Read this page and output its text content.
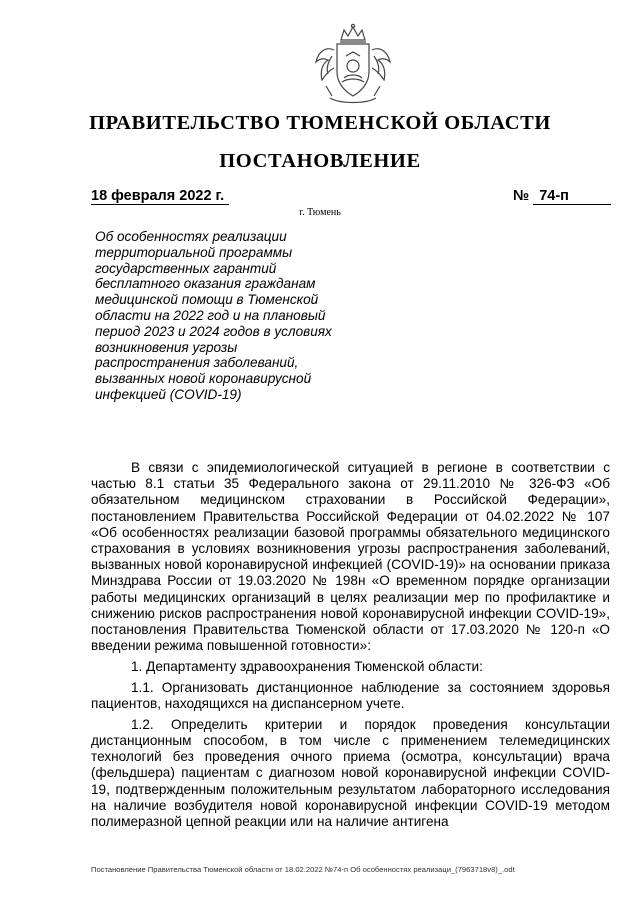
ПРАВИТЕЛЬСТВО ТЮМЕНСКОЙ ОБЛАСТИ
ПОСТАНОВЛЕНИЕ
18 февраля 2022 г.	№ 74-п
г. Тюмень
Об особенностях реализации территориальной программы государственных гарантий бесплатного оказания гражданам медицинской помощи в Тюменской области на 2022 год и на плановый период 2023 и 2024 годов в условиях возникновения угрозы распространения заболеваний, вызванных новой коронавирусной инфекцией (COVID-19)

В связи с эпидемиологической ситуацией в регионе в соответствии с частью 8.1 статьи 35 Федерального закона от 29.11.2010 № 326-ФЗ «Об обязательном медицинском страховании в Российской Федерации», постановлением Правительства Российской Федерации от 04.02.2022 № 107 «Об особенностях реализации базовой программы обязательного медицинского страхования в условиях возникновения угрозы распространения заболеваний, вызванных новой коронавирусной инфекцией (COVID-19)» на основании приказа Минздрава России от 19.03.2020 № 198н «О временном порядке организации работы медицинских организаций в целях реализации мер по профилактике и снижению рисков распространения новой коронавирусной инфекции COVID-19», постановления Правительства Тюменской области от 17.03.2020 № 120-п «О введении режима повышенной готовности»:

1. Департаменту здравоохранения Тюменской области:

1.1. Организовать дистанционное наблюдение за состоянием здоровья пациентов, находящихся на диспансерном учете.

1.2. Определить критерии и порядок проведения консультации дистанционным способом, в том числе с применением телемедицинских технологий без проведения очного приема (осмотра, консультации) врача (фельдшера) пациентам с диагнозом новой коронавирусной инфекции COVID-19, подтвержденным положительным результатом лабораторного исследования на наличие возбудителя новой коронавирусной инфекции COVID-19 методом полимеразной цепной реакции или на наличие антигена

Постановление Правительства Тюменской области от 18.02.2022 №74-п Об особенностях реализаци_(7963718v8)_.odt
